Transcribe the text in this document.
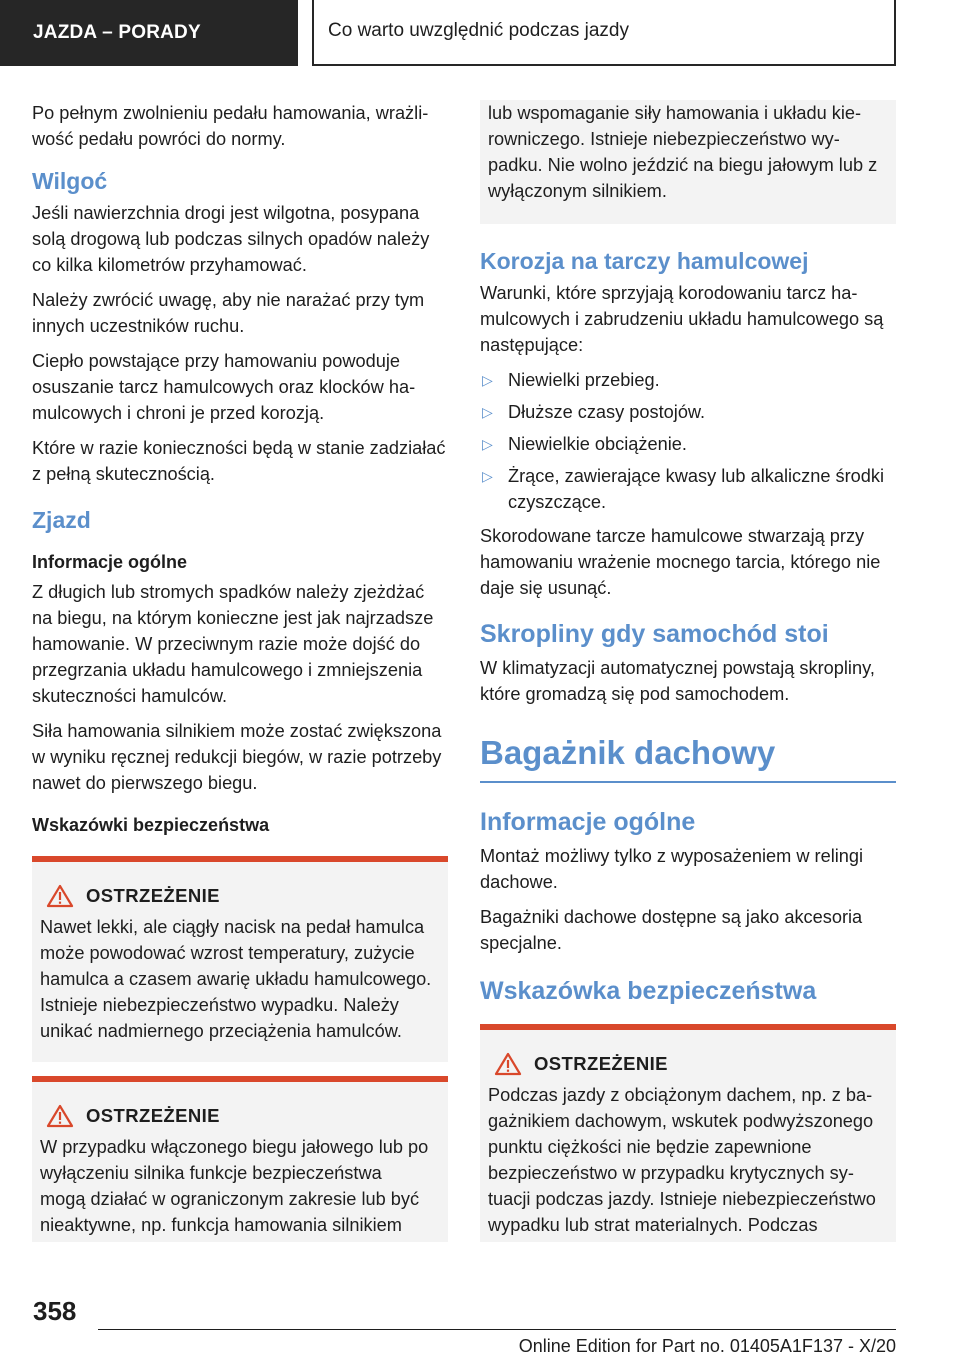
JAZDA – PORADY	Co warto uwzględnić podczas jazdy

Po pełnym zwolnieniu pedału hamowania, wrażliwość pedału powróci do normy.

Wilgoć

Jeśli nawierzchnia drogi jest wilgotna, posypana solą drogową lub podczas silnych opadów należy co kilka kilometrów przyhamować.

Należy zwrócić uwagę, aby nie narażać przy tym innych uczestników ruchu.

Ciepło powstające przy hamowaniu powoduje osuszanie tarcz hamulcowych oraz klocków hamulcowych i chroni je przed korozją.

Które w razie konieczności będą w stanie zadziałać z pełną skutecznością.

Zjazd
Informacje ogólne

Z długich lub stromych spadków należy zjeżdżać na biegu, na którym konieczne jest jak najrzadsze hamowanie. W przeciwnym razie może dojść do przegrzania układu hamulcowego i zmniejszenia skuteczności hamulców.

Siła hamowania silnikiem może zostać zwiększona w wyniku ręcznej redukcji biegów, w razie potrzeby nawet do pierwszego biegu.

Wskazówki bezpieczeństwa
OSTRZEŻENIE

Nawet lekki, ale ciągły nacisk na pedał hamulca może powodować wzrost temperatury, zużycie hamulca a czasem awarię układu hamulcowego. Istnieje niebezpieczeństwo wypadku. Należy unikać nadmiernego przeciążenia hamulców.

OSTRZEŻENIE

W przypadku włączonego biegu jałowego lub po wyłączeniu silnika funkcje bezpieczeństwa mogą działać w ograniczonym zakresie lub być nieaktywne, np. funkcja hamowania silnikiem

lub wspomaganie siły hamowania i układu kierowniczego. Istnieje niebezpieczeństwo wypadku. Nie wolno jeździć na biegu jałowym lub z wyłączonym silnikiem.

Korozja na tarczy hamulcowej

Warunki, które sprzyjają korodowaniu tarcz hamulcowych i zabrudzeniu układu hamulcowego są następujące:

▷ Niewielki przebieg.
▷ Dłuższe czasy postojów.
▷ Niewielkie obciążenie.
▷ Żrące, zawierające kwasy lub alkaliczne środki czyszczące.

Skorodowane tarcze hamulcowe stwarzają przy hamowaniu wrażenie mocnego tarcia, którego nie daje się usunąć.

Skropliny gdy samochód stoi

W klimatyzacji automatycznej powstają skropliny, które gromadzą się pod samochodem.

Bagażnik dachowy
Informacje ogólne

Montaż możliwy tylko z wyposażeniem w relingi dachowe.

Bagażniki dachowe dostępne są jako akcesoria specjalne.

Wskazówka bezpieczeństwa
OSTRZEŻENIE

Podczas jazdy z obciążonym dachem, np. z bagażnikiem dachowym, wskutek podwyższonego punktu ciężkości nie będzie zapewnione bezpieczeństwo w przypadku krytycznych sytuacji podczas jazdy. Istnieje niebezpieczeństwo wypadku lub strat materialnych. Podczas

358
Online Edition for Part no. 01405A1F137 - X/20
